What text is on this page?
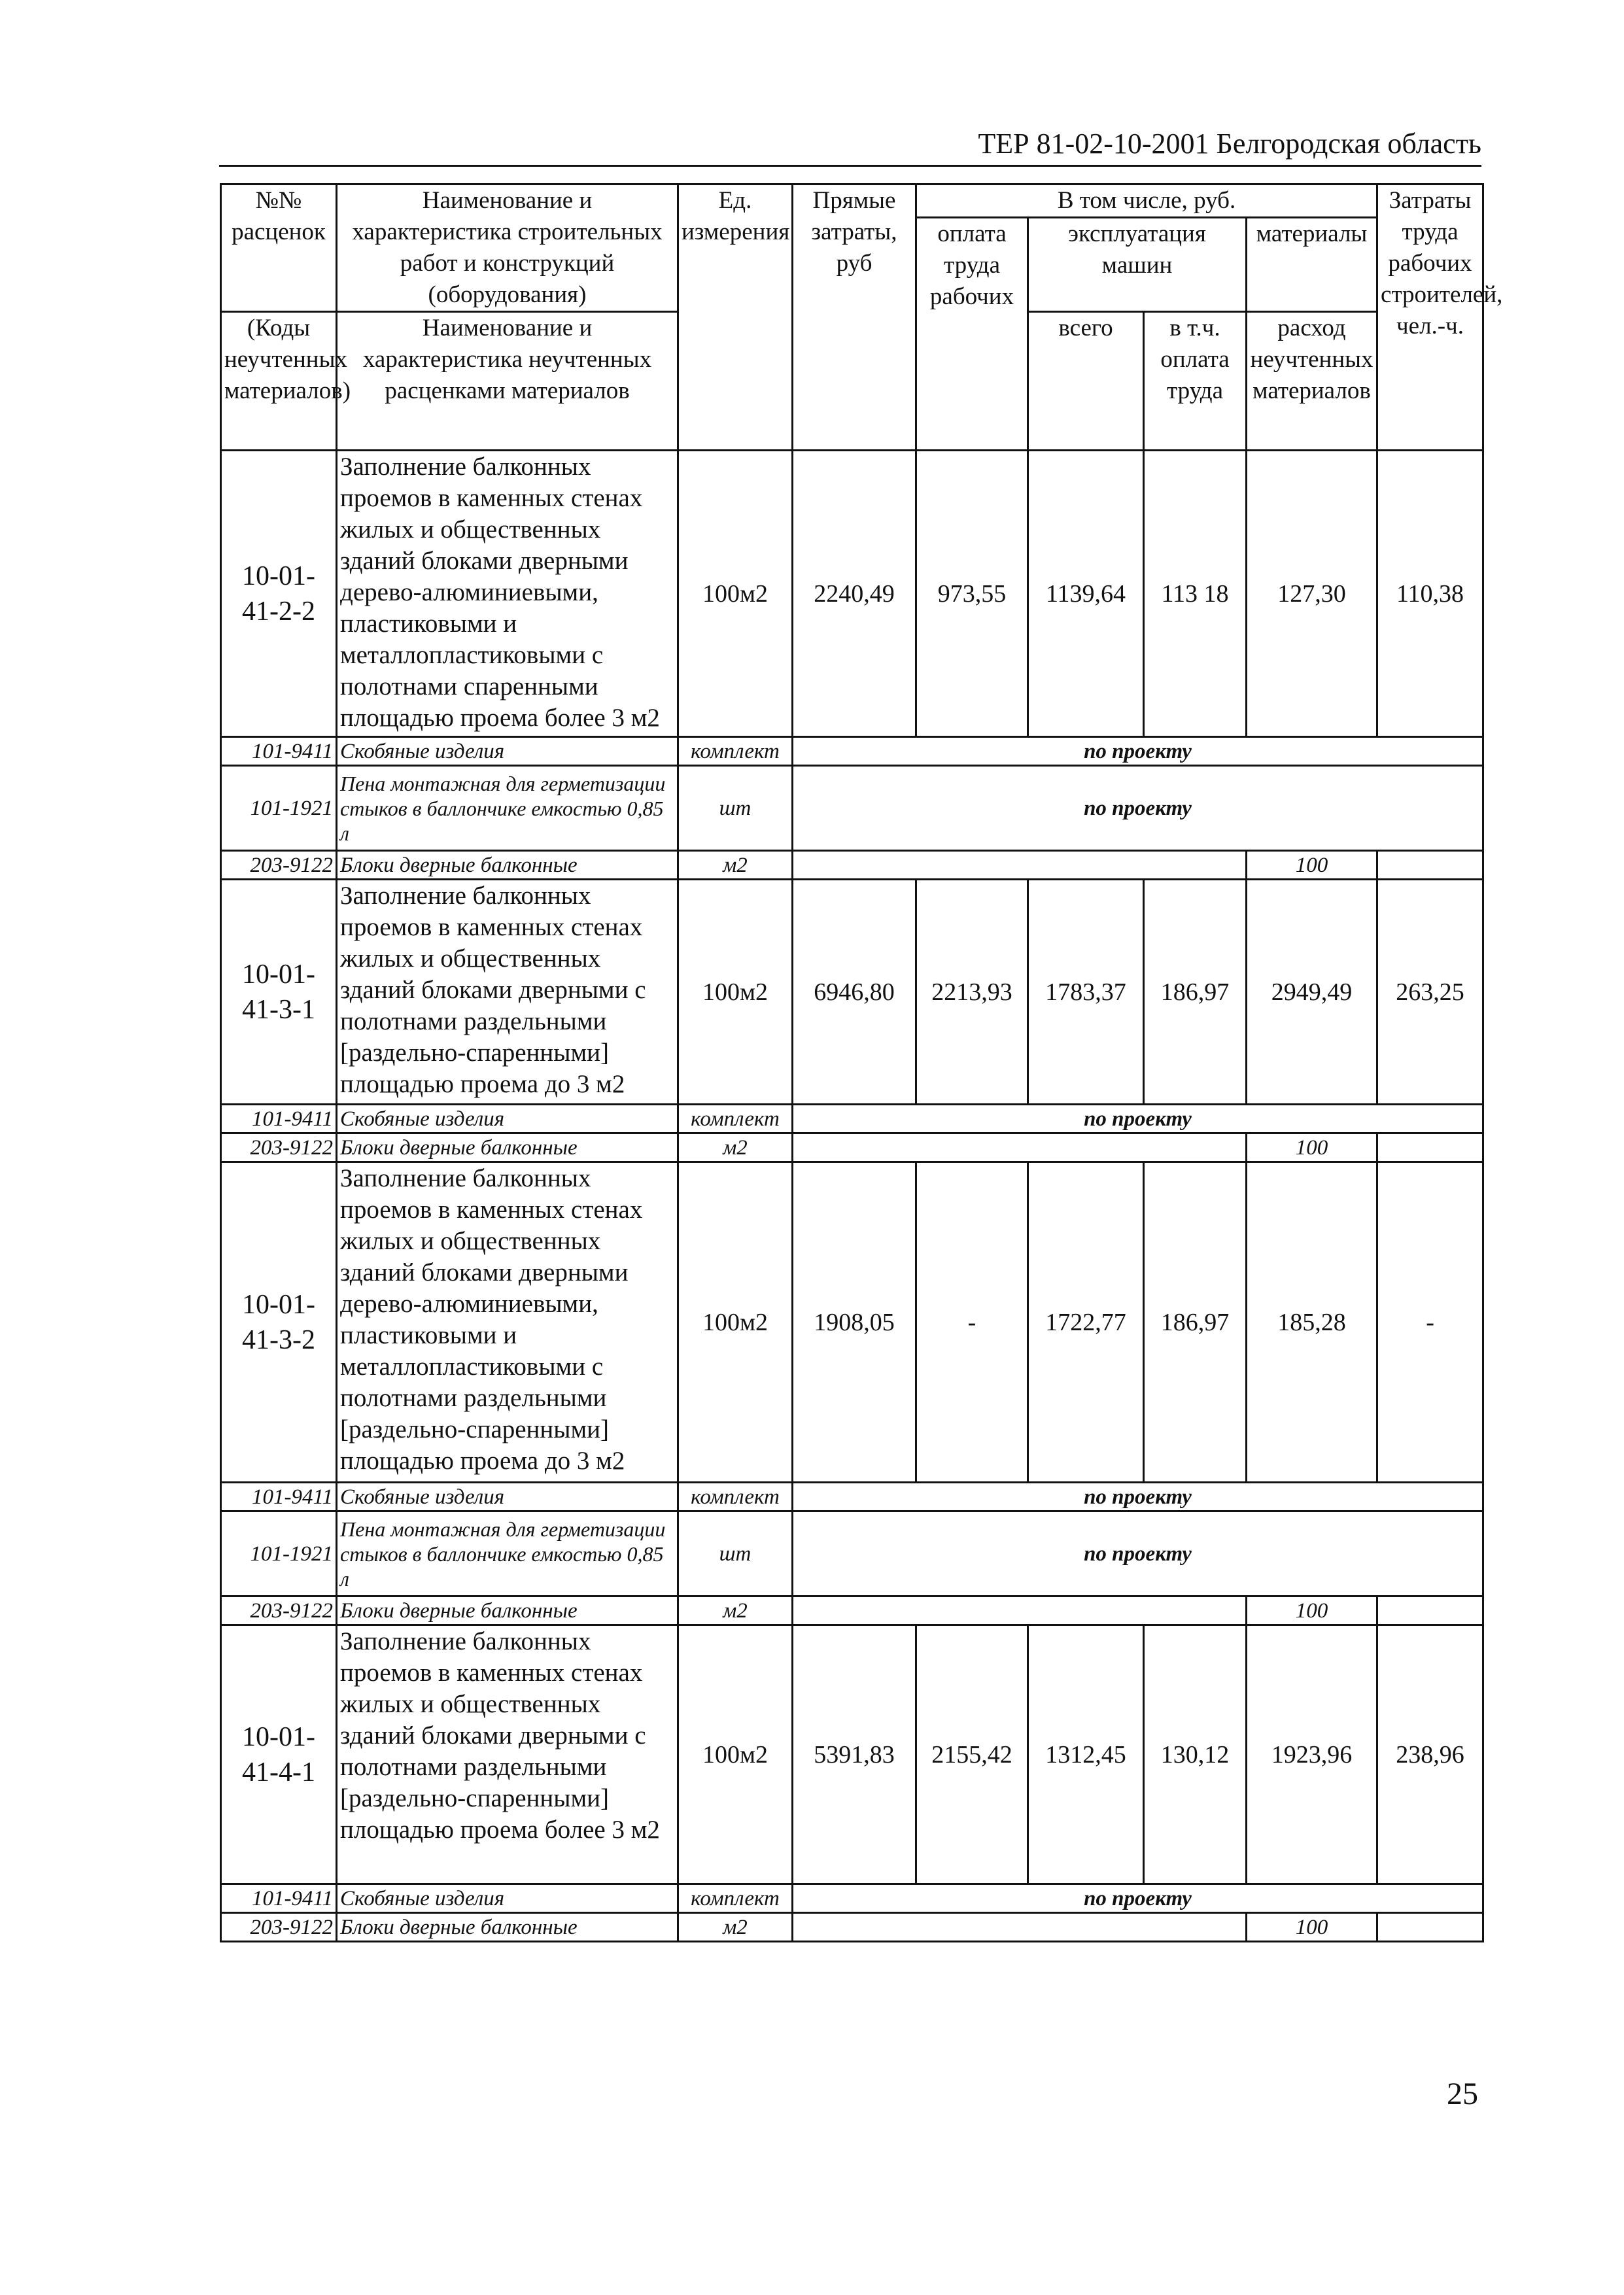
ТЕР 81-02-10-2001 Белгородская область
№№ расценок	Наименование и характеристика строительных работ и конструкций (оборудования)	Ед. измерения	Прямые затраты, руб	В том числе, руб.				Затраты труда рабочих строителей, чел.-ч.
				оплата труда рабочих	эксплуатация машин		материалы	
(Коды неучтенных материалов)	Наименование и характеристика неучтенных расценками материалов				всего	в т.ч. оплата труда	расход неучтенных материалов	

10-01-41-2-2	Заполнение балконных проемов в каменных стенах жилых и общественных зданий блоками дверными дерево-алюминиевыми, пластиковыми и металлопластиковыми с полотнами спаренными площадью проема более 3 м2	100м2	2240,49	973,55	1139,64	113 18	127,30	110,38
101-9411	Скобяные изделия	комплект	по проекту					
101-1921	Пена монтажная для герметизации стыков в баллончике емкостью 0,85 л	шт	по проекту					
203-9122	Блоки дверные балконные	м2					100	
10-01-41-3-1	Заполнение балконных проемов в каменных стенах жилых и общественных зданий блоками дверными с полотнами раздельными [раздельно-спаренными] площадью проема до 3 м2	100м2	6946,80	2213,93	1783,37	186,97	2949,49	263,25
101-9411	Скобяные изделия	комплект	по проекту					
203-9122	Блоки дверные балконные	м2					100	
10-01-41-3-2	Заполнение балконных проемов в каменных стенах жилых и общественных зданий блоками дверными дерево-алюминиевыми, пластиковыми и металлопластиковыми с полотнами раздельными [раздельно-спаренными] площадью проема до 3 м2	100м2	1908,05	-	1722,77	186,97	185,28	-
101-9411	Скобяные изделия	комплект	по проекту					
101-1921	Пена монтажная для герметизации стыков в баллончике емкостью 0,85 л	шт	по проекту					
203-9122	Блоки дверные балконные	м2					100	
10-01-41-4-1	Заполнение балконных проемов в каменных стенах жилых и общественных зданий блоками дверными с полотнами раздельными [раздельно-спаренными] площадью проема более 3 м2	100м2	5391,83	2155,42	1312,45	130,12	1923,96	238,96
101-9411	Скобяные изделия	комплект	по проекту					
203-9122	Блоки дверные балконные	м2					100	
25
